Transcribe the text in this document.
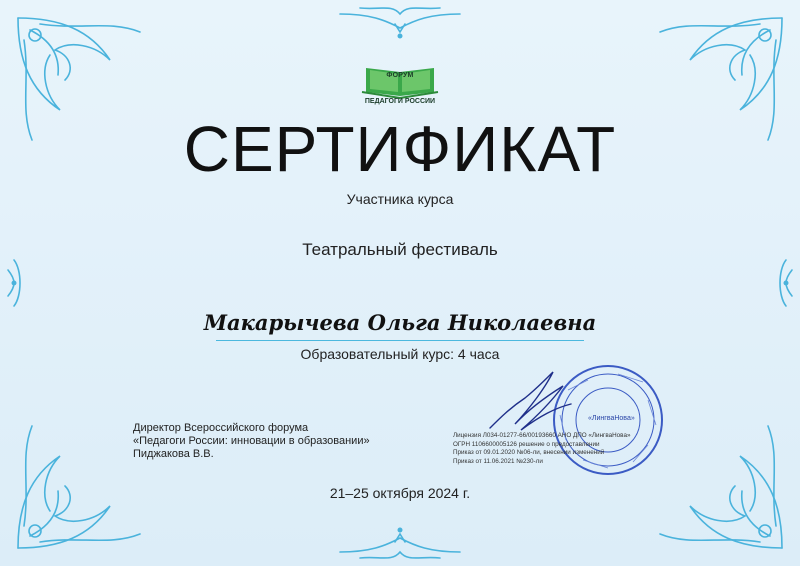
ФОРУМ
ПЕДАГОГИ РОССИИ
СЕРТИФИКАТ
Участника курса
Театральный фестиваль
Макарычева Ольга Николаевна
Образовательный курс: 4 часа
Директор Всероссийского форума
«Педагоги России: инновации в образовании»
Пиджакова В.В.
«ЛингваНова»
Лицензия Л034-01277-66/00193660 АНО ДПО «ЛингваНова»
ОГРН 1106600005126 решение о предоставлении
Приказ от 09.01.2020 №06-ли, внесении изменений
Приказ от 11.06.2021 №230-ли
21–25 октября 2024 г.
